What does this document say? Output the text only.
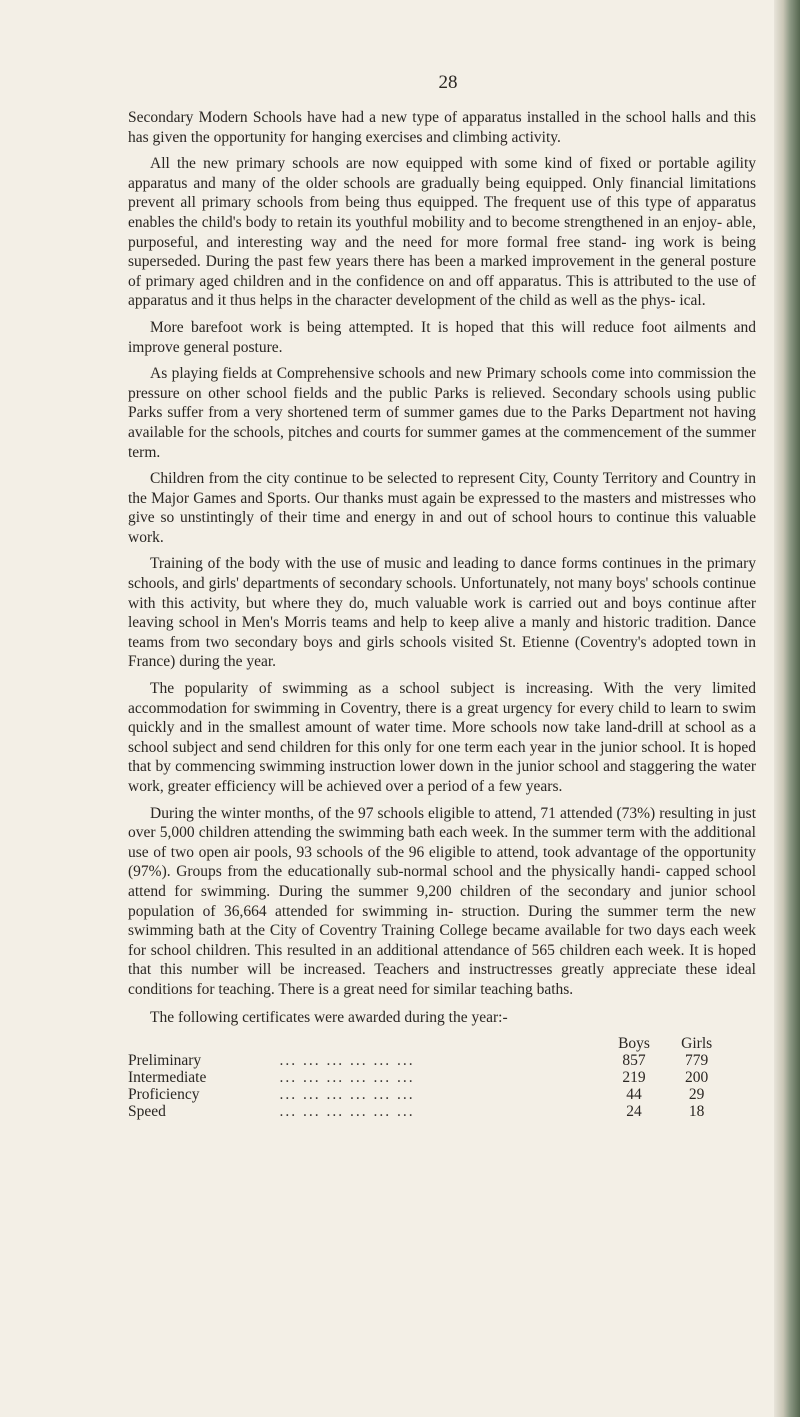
28

Secondary Modern Schools have had a new type of apparatus installed in the school halls and this has given the opportunity for hanging exercises and climbing activity.

All the new primary schools are now equipped with some kind of fixed or portable agility apparatus and many of the older schools are gradually being equipped. Only financial limitations prevent all primary schools from being thus equipped. The frequent use of this type of apparatus enables the child's body to retain its youthful mobility and to become strengthened in an enjoy- able, purposeful, and interesting way and the need for more formal free stand- ing work is being superseded. During the past few years there has been a marked improvement in the general posture of primary aged children and in the confidence on and off apparatus. This is attributed to the use of apparatus and it thus helps in the character development of the child as well as the phys- ical.

More barefoot work is being attempted. It is hoped that this will reduce foot ailments and improve general posture.

As playing fields at Comprehensive schools and new Primary schools come into commission the pressure on other school fields and the public Parks is relieved. Secondary schools using public Parks suffer from a very shortened term of summer games due to the Parks Department not having available for the schools, pitches and courts for summer games at the commencement of the summer term.

Children from the city continue to be selected to represent City, County Territory and Country in the Major Games and Sports. Our thanks must again be expressed to the masters and mistresses who give so unstintingly of their time and energy in and out of school hours to continue this valuable work.

Training of the body with the use of music and leading to dance forms continues in the primary schools, and girls' departments of secondary schools. Unfortunately, not many boys' schools continue with this activity, but where they do, much valuable work is carried out and boys continue after leaving school in Men's Morris teams and help to keep alive a manly and historic tradition. Dance teams from two secondary boys and girls schools visited St. Etienne (Coventry's adopted town in France) during the year.

The popularity of swimming as a school subject is increasing. With the very limited accommodation for swimming in Coventry, there is a great urgency for every child to learn to swim quickly and in the smallest amount of water time. More schools now take land-drill at school as a school subject and send children for this only for one term each year in the junior school. It is hoped that by commencing swimming instruction lower down in the junior school and staggering the water work, greater efficiency will be achieved over a period of a few years.

During the winter months, of the 97 schools eligible to attend, 71 attended (73%) resulting in just over 5,000 children attending the swimming bath each week. In the summer term with the additional use of two open air pools, 93 schools of the 96 eligible to attend, took advantage of the opportunity (97%). Groups from the educationally sub-normal school and the physically handi- capped school attend for swimming. During the summer 9,200 children of the secondary and junior school population of 36,664 attended for swimming in- struction. During the summer term the new swimming bath at the City of Coventry Training College became available for two days each week for school children. This resulted in an additional attendance of 565 children each week. It is hoped that this number will be increased. Teachers and instructresses greatly appreciate these ideal conditions for teaching. There is a great need for similar teaching baths.

The following certificates were awarded during the year:-

		Boys	Girls
Preliminary	... ... ... ... ... ...	857	779
Intermediate	... ... ... ... ... ...	219	200
Proficiency	... ... ... ... ... ...	44	29
Speed	... ... ... ... ... ...	24	18
